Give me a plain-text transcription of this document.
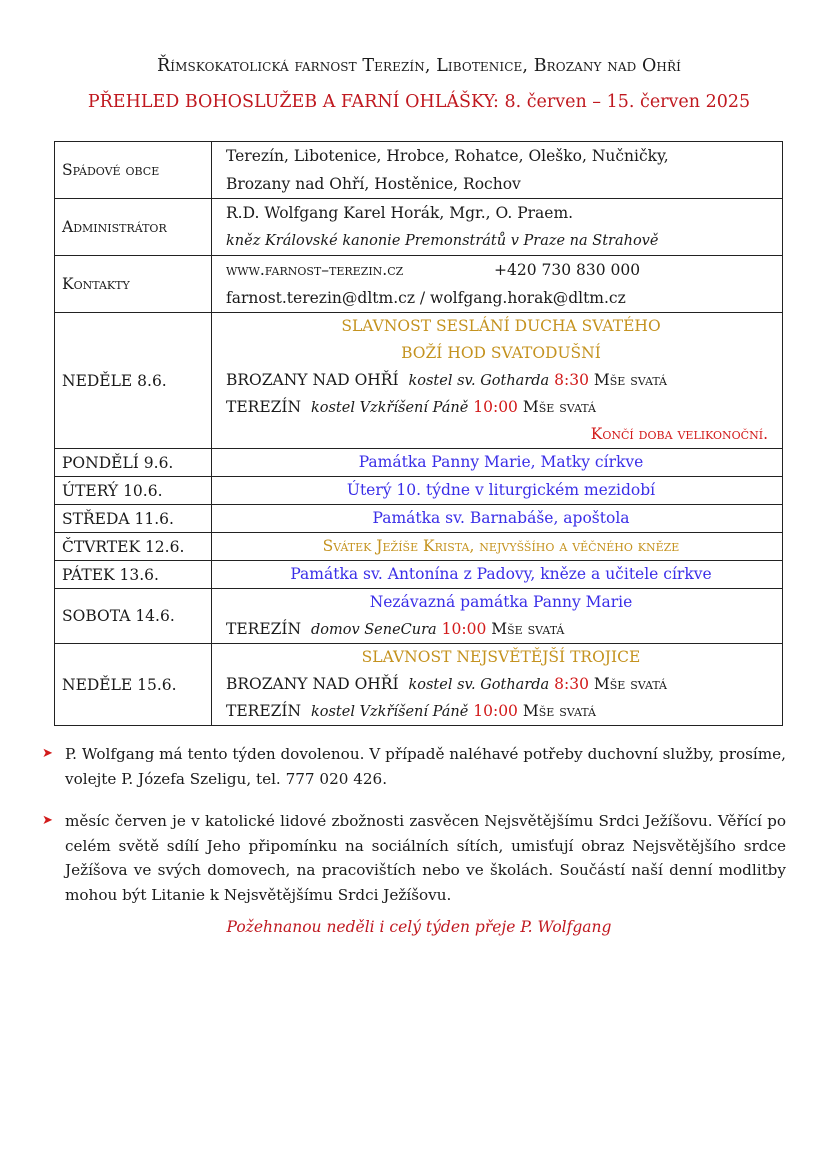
Římskokatolická farnost Terezín, Libotenice, Brozany nad Ohří
PŘEHLED BOHOSLUŽEB A FARNÍ OHLÁŠKY: 8. červen – 15. červen 2025
Spádové obce	Terezín, Libotenice, Hrobce, Rohatce, Oleško, Nučničky,
Brozany nad Ohří, Hostěnice, Rochov

Administrátor	R.D. Wolfgang Karel Horák, Mgr., O. Praem.
kněz Královské kanonie Premonstrátů v Praze na Strahově

Kontakty	www.farnost–terezin.cz +420 730 830 000
farnost.terezin@dltm.cz / wolfgang.horak@dltm.cz

NEDĚLE 8.6.	SLAVNOST SESLÁNÍ DUCHA SVATÉHO
BOŽÍ HOD SVATODUŠNÍ
BROZANY NAD OHŘÍ kostel sv. Gotharda 8:30 Mše svatá
TEREZÍN kostel Vzkříšení Páně 10:00 Mše svatá
Končí doba velikonoční.

PONDĚLÍ 9.6.	Památka Panny Marie, Matky církve

ÚTERÝ 10.6.	Úterý 10. týdne v liturgickém mezidobí

STŘEDA 11.6.	Památka sv. Barnabáše, apoštola

ČTVRTEK 12.6.	Svátek Ježíše Krista, nejvyššího a věčného kněze

PÁTEK 13.6.	Památka sv. Antonína z Padovy, kněze a učitele církve

SOBOTA 14.6.	Nezávazná památka Panny Marie
TEREZÍN domov SeneCura 10:00 Mše svatá

NEDĚLE 15.6.	SLAVNOST NEJSVĚTĚJŠÍ TROJICE
BROZANY NAD OHŘÍ kostel sv. Gotharda 8:30 Mše svatá
TEREZÍN kostel Vzkříšení Páně 10:00 Mše svatá

➤ P. Wolfgang má tento týden dovolenou. V případě naléhavé potřeby duchovní služby, prosíme, volejte P. Józefa Szeligu, tel. 777 020 426.

➤ měsíc červen je v katolické lidové zbožnosti zasvěcen Nejsvětějšímu Srdci Ježíšovu. Věřící po celém světě sdílí Jeho připomínku na sociálních sítích, umisťují obraz Nejsvětějšího srdce Ježíšova ve svých domovech, na pracovištích nebo ve školách. Součástí naší denní modlitby mohou být Litanie k Nejsvětějšímu Srdci Ježíšovu.

Požehnanou neděli i celý týden přeje P. Wolfgang
